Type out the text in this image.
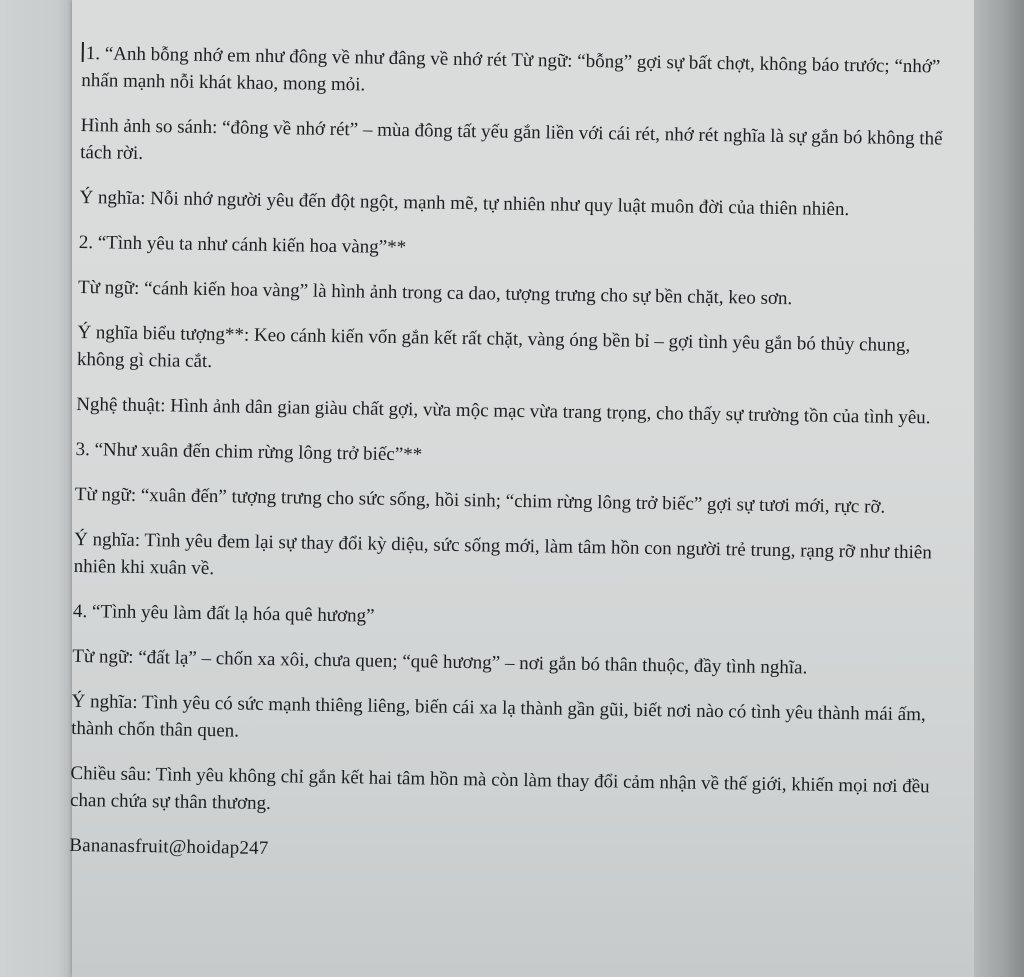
1. “Anh bỗng nhớ em như đông về như đâng về nhớ rét Từ ngữ: “bỗng” gợi sự bất chợt, không báo trước; “nhớ” nhấn mạnh nỗi khát khao, mong mỏi.

Hình ảnh so sánh: “đông về nhớ rét” – mùa đông tất yếu gắn liền với cái rét, nhớ rét nghĩa là sự gắn bó không thể tách rời.

Ý nghĩa: Nỗi nhớ người yêu đến đột ngột, mạnh mẽ, tự nhiên như quy luật muôn đời của thiên nhiên.

2. “Tình yêu ta như cánh kiến hoa vàng”**

Từ ngữ: “cánh kiến hoa vàng” là hình ảnh trong ca dao, tượng trưng cho sự bền chặt, keo sơn.

Ý nghĩa biểu tượng**: Keo cánh kiến vốn gắn kết rất chặt, vàng óng bền bỉ – gợi tình yêu gắn bó thủy chung, không gì chia cắt.

Nghệ thuật: Hình ảnh dân gian giàu chất gợi, vừa mộc mạc vừa trang trọng, cho thấy sự trường tồn của tình yêu.

3. “Như xuân đến chim rừng lông trở biếc”**

Từ ngữ: “xuân đến” tượng trưng cho sức sống, hồi sinh; “chim rừng lông trở biếc” gợi sự tươi mới, rực rỡ.

Ý nghĩa: Tình yêu đem lại sự thay đổi kỳ diệu, sức sống mới, làm tâm hồn con người trẻ trung, rạng rỡ như thiên nhiên khi xuân về.

4. “Tình yêu làm đất lạ hóa quê hương”

Từ ngữ: “đất lạ” – chốn xa xôi, chưa quen; “quê hương” – nơi gắn bó thân thuộc, đầy tình nghĩa.

Ý nghĩa: Tình yêu có sức mạnh thiêng liêng, biến cái xa lạ thành gần gũi, biết nơi nào có tình yêu thành mái ấm, thành chốn thân quen.

Chiều sâu: Tình yêu không chỉ gắn kết hai tâm hồn mà còn làm thay đổi cảm nhận về thế giới, khiến mọi nơi đều chan chứa sự thân thương.

Bananasfruit@hoidap247
